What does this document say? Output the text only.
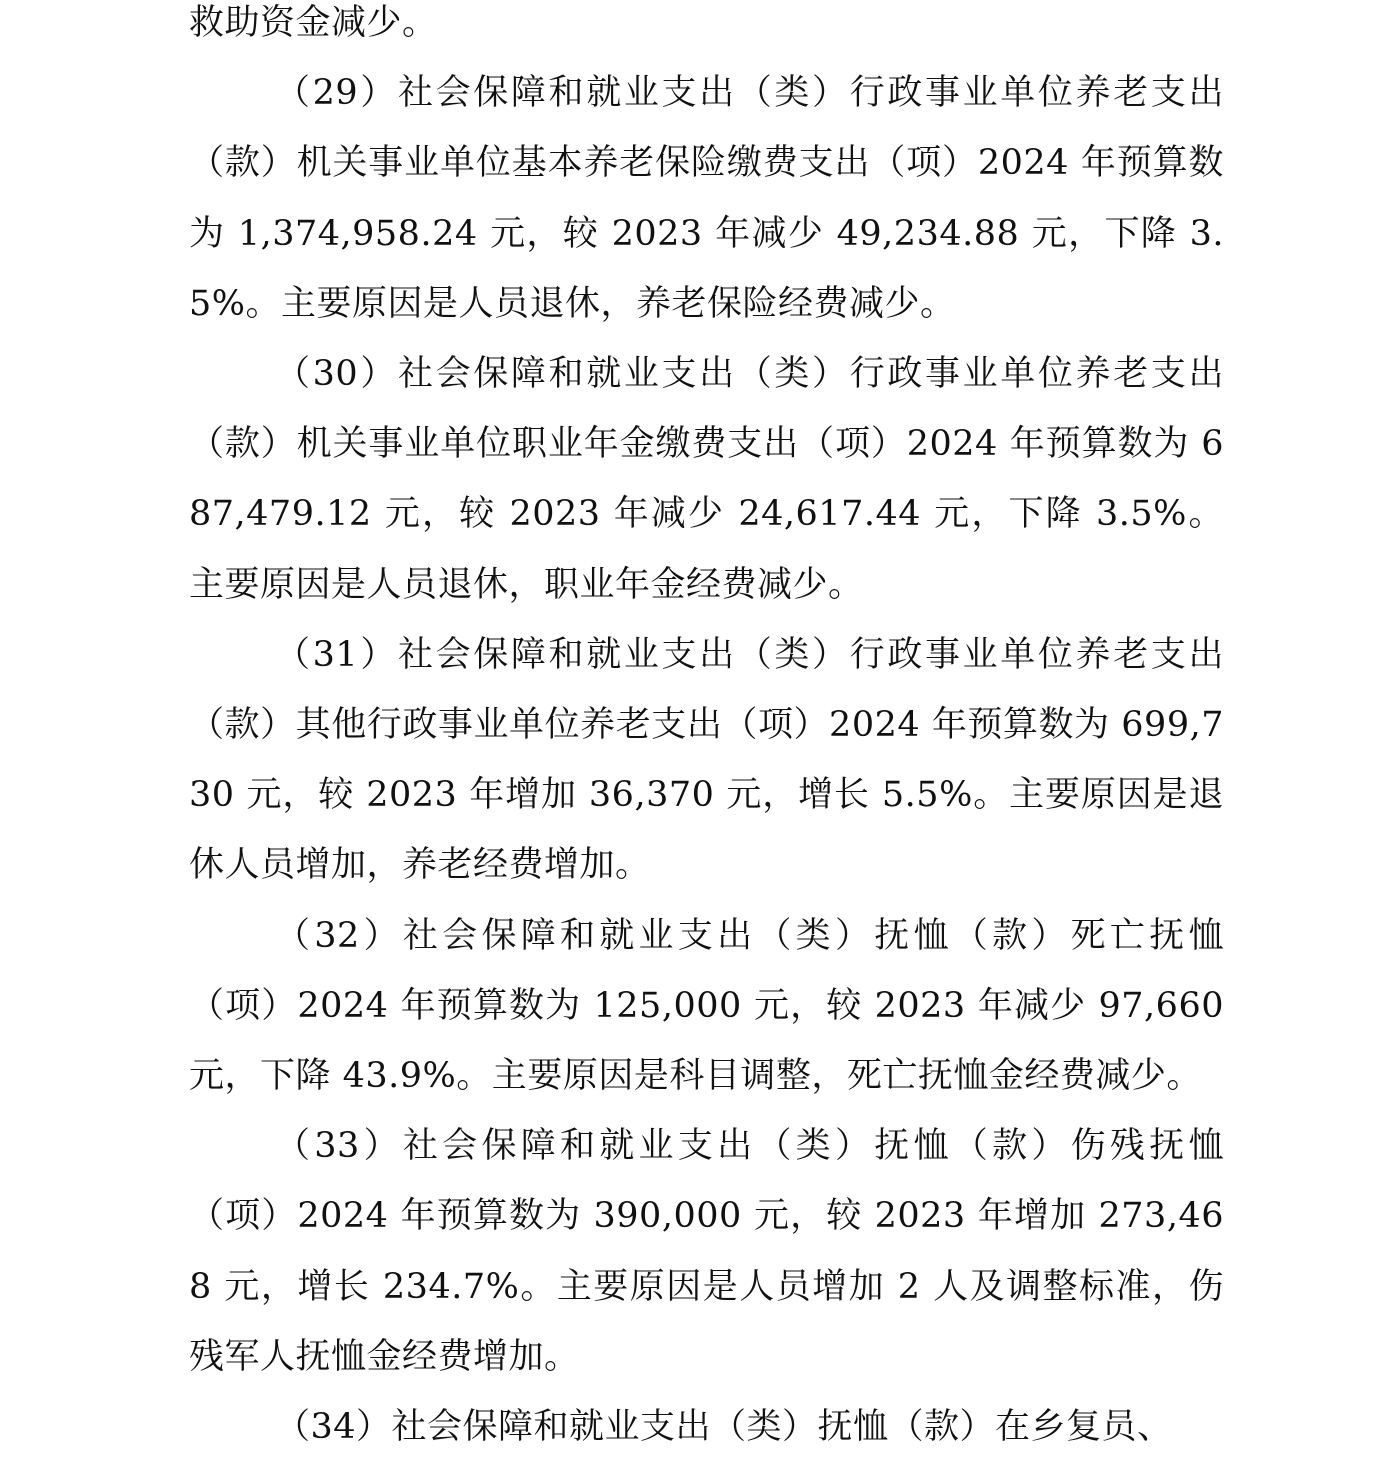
救助资金减少。

（29）社会保障和就业支出（类）行政事业单位养老支出（款）机关事业单位基本养老保险缴费支出（项）2024 年预算数为 1,374,958.24 元，较 2023 年减少 49,234.88 元，下降 3.5%。主要原因是人员退休，养老保险经费减少。

（30）社会保障和就业支出（类）行政事业单位养老支出（款）机关事业单位职业年金缴费支出（项）2024 年预算数为 687,479.12 元，较 2023 年减少 24,617.44 元，下降 3.5%。主要原因是人员退休，职业年金经费减少。

（31）社会保障和就业支出（类）行政事业单位养老支出（款）其他行政事业单位养老支出（项）2024 年预算数为 699,730 元，较 2023 年增加 36,370 元，增长 5.5%。主要原因是退休人员增加，养老经费增加。

（32）社会保障和就业支出（类）抚恤（款）死亡抚恤（项）2024 年预算数为 125,000 元，较 2023 年减少 97,660 元，下降 43.9%。主要原因是科目调整，死亡抚恤金经费减少。

（33）社会保障和就业支出（类）抚恤（款）伤残抚恤（项）2024 年预算数为 390,000 元，较 2023 年增加 273,468 元，增长 234.7%。主要原因是人员增加 2 人及调整标准，伤残军人抚恤金经费增加。

（34）社会保障和就业支出（类）抚恤（款）在乡复员、
